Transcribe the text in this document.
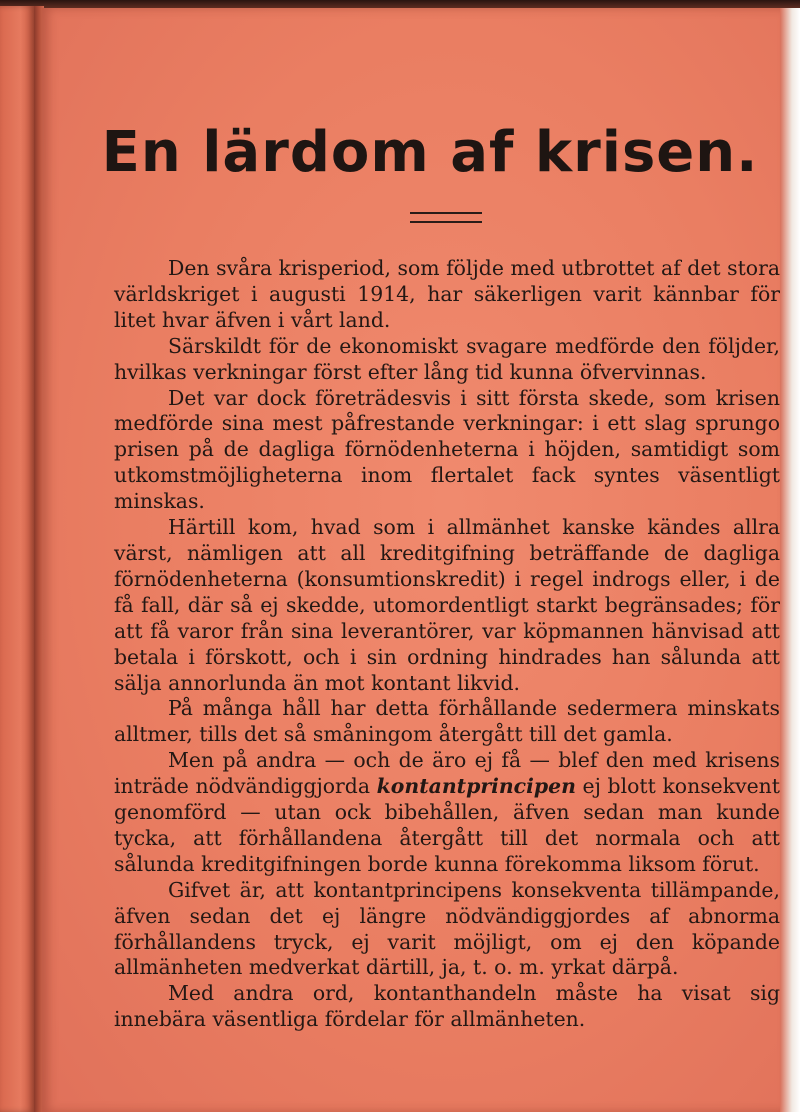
En lärdom af krisen.

Den svåra krisperiod, som följde med utbrottet af det stora världskriget i augusti 1914, har säkerligen varit kännbar för litet hvar äfven i vårt land.

Särskildt för de ekonomiskt svagare medförde den följder, hvilkas verkningar först efter lång tid kunna öfvervinnas.

Det var dock företrädesvis i sitt första skede, som krisen medförde sina mest påfrestande verkningar: i ett slag sprungo prisen på de dagliga förnödenheterna i höjden, samtidigt som utkomstmöjligheterna inom flertalet fack syntes väsentligt minskas.

Härtill kom, hvad som i allmänhet kanske kändes allra värst, nämligen att all kreditgifning beträffande de dagliga förnödenheterna (konsumtionskredit) i regel indrogs eller, i de få fall, där så ej skedde, utomordentligt starkt begränsades; för att få varor från sina leverantörer, var köpmannen hänvisad att betala i förskott, och i sin ordning hindrades han sålunda att sälja annorlunda än mot kontant likvid.

På många håll har detta förhållande sedermera minskats alltmer, tills det så småningom återgått till det gamla.

Men på andra — och de äro ej få — blef den med krisens inträde nödvändiggjorda kontantprincipen ej blott konsekvent genomförd — utan ock bibehållen, äfven sedan man kunde tycka, att förhållandena återgått till det normala och att sålunda kreditgifningen borde kunna förekomma liksom förut.

Gifvet är, att kontantprincipens konsekventa tillämpande, äfven sedan det ej längre nödvändiggjordes af abnorma förhållandens tryck, ej varit möjligt, om ej den köpande allmänheten medverkat därtill, ja, t. o. m. yrkat därpå.

Med andra ord, kontanthandeln måste ha visat sig innebära väsentliga fördelar för allmänheten.
